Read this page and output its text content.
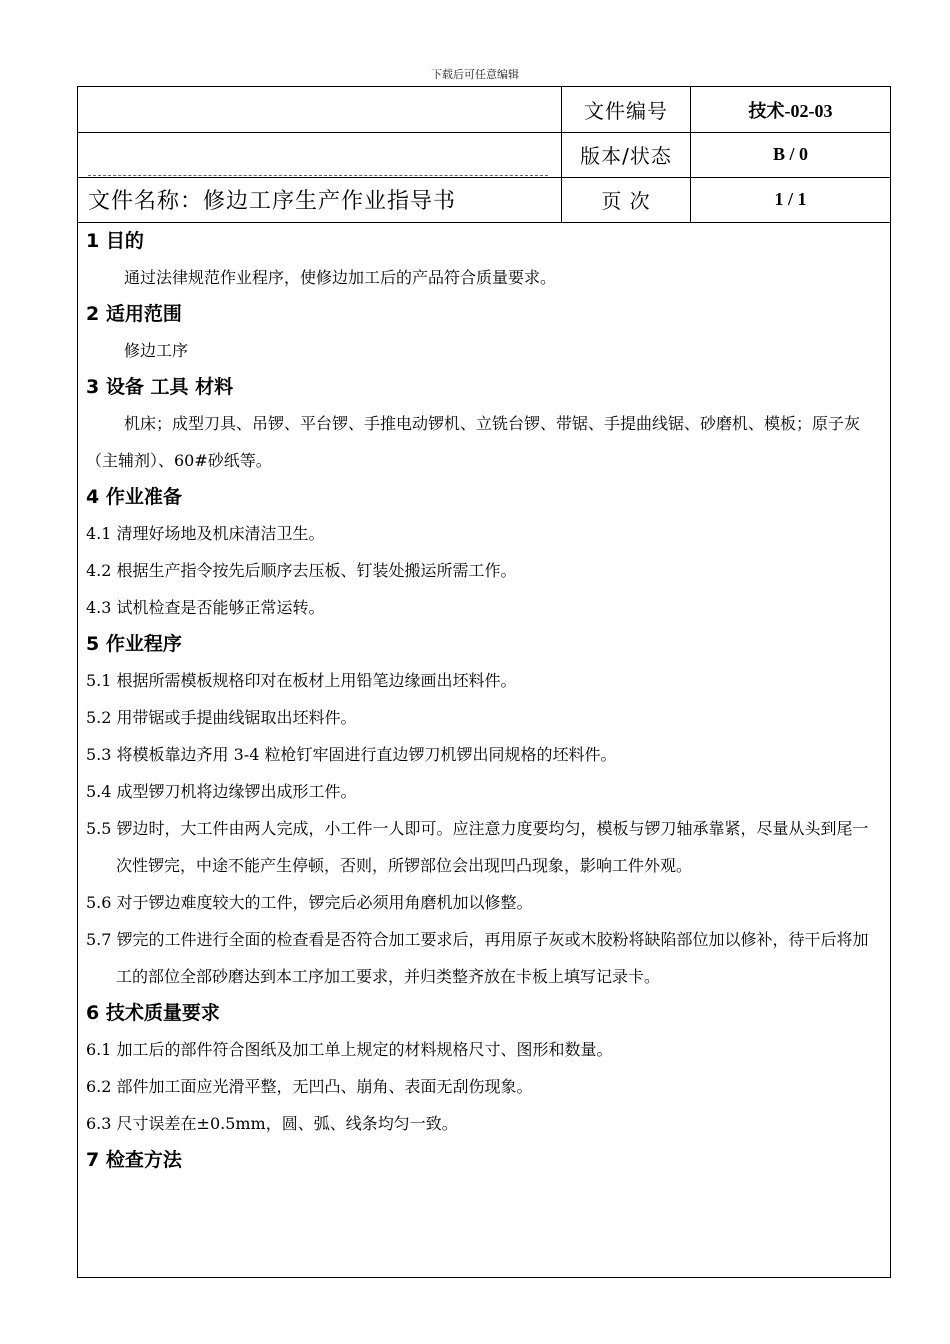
下载后可任意编辑
文件编号	技术-02-03
版本/状态	B / 0
文件名称：修边工序生产作业指导书	页 次	1 / 1
1 目的

通过法律规范作业程序，使修边加工后的产品符合质量要求。

2 适用范围

修边工序

3 设备 工具 材料

机床；成型刀具、吊锣、平台锣、手推电动锣机、立铣台锣、带锯、手提曲线锯、砂磨机、模板；原子灰（主辅剂）、60#砂纸等。

4 作业准备

4.1 清理好场地及机床清洁卫生。

4.2 根据生产指令按先后顺序去压板、钉装处搬运所需工作。

4.3 试机检查是否能够正常运转。

5 作业程序

5.1 根据所需模板规格印对在板材上用铅笔边缘画出坯料件。

5.2 用带锯或手提曲线锯取出坯料件。

5.3 将模板靠边齐用 3-4 粒枪钉牢固进行直边锣刀机锣出同规格的坯料件。

5.4 成型锣刀机将边缘锣出成形工件。

5.5 锣边时，大工件由两人完成，小工件一人即可。应注意力度要均匀，模板与锣刀轴承靠紧，尽量从头到尾一次性锣完，中途不能产生停顿，否则，所锣部位会出现凹凸现象，影响工件外观。

5.6 对于锣边难度较大的工件，锣完后必须用角磨机加以修整。

5.7 锣完的工件进行全面的检查看是否符合加工要求后，再用原子灰或木胶粉将缺陷部位加以修补，待干后将加工的部位全部砂磨达到本工序加工要求，并归类整齐放在卡板上填写记录卡。

6 技术质量要求

6.1 加工后的部件符合图纸及加工单上规定的材料规格尺寸、图形和数量。

6.2 部件加工面应光滑平整，无凹凸、崩角、表面无刮伤现象。

6.3 尺寸误差在±0.5mm，圆、弧、线条均匀一致。

7 检查方法
